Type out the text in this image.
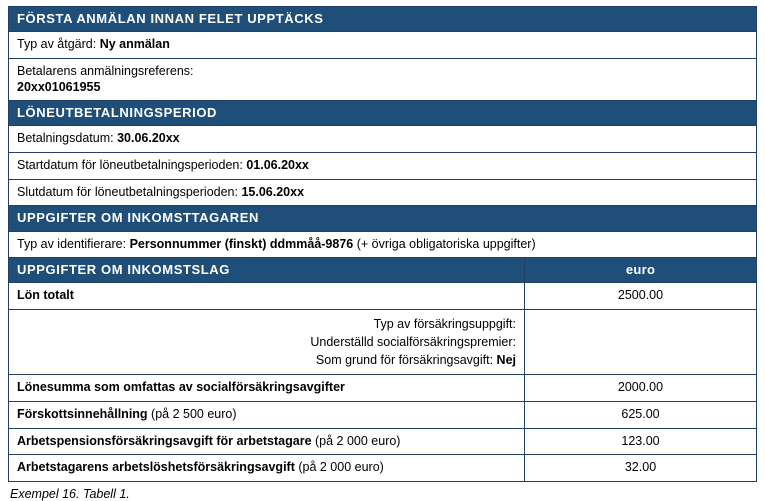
FÖRSTA ANMÄLAN INNAN FELET UPPTÄCKS	
Typ av åtgärd: Ny anmälan	

Betalarens anmälningsreferens:
20xx01061955	

LÖNEUTBETALNINGSPERIOD	
Betalningsdatum: 30.06.20xx	
Startdatum för löneutbetalningsperioden: 01.06.20xx	
Slutdatum för löneutbetalningsperioden: 15.06.20xx	
UPPGIFTER OM INKOMSTTAGAREN	
Typ av identifierare: Personnummer (finskt) ddmmåå-9876 (+ övriga obligatoriska uppgifter)	
UPPGIFTER OM INKOMSTSLAG	euro
Lön totalt	2500.00

Typ av försäkringsuppgift:
Underställd socialförsäkringspremier:
Som grund för försäkringsavgift: Nej	

Lönesumma som omfattas av socialförsäkringsavgifter	2000.00
Förskottsinnehållning (på 2 500 euro)	625.00
Arbetspensionsförsäkringsavgift för arbetstagare (på 2 000 euro)	123.00
Arbetstagarens arbetslöshetsförsäkringsavgift (på 2 000 euro)	32.00
Exempel 16. Tabell 1.
